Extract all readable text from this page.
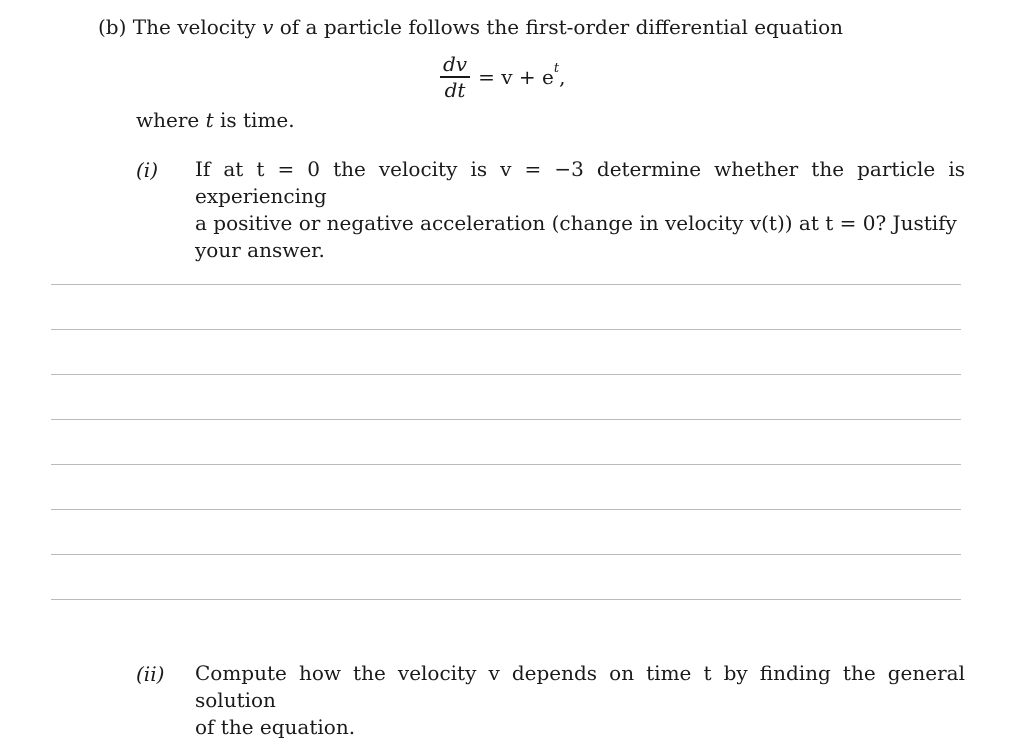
(b) The velocity v of a particle follows the first-order differential equation
$\frac{dv}{dt} = v + e^t$,
where t is time.
(i) If at t = 0 the velocity is v = −3 determine whether the particle is experiencing

a positive or negative acceleration (change in velocity v(t)) at t = 0? Justify

your answer.

(ii) Compute how the velocity v depends on time t by finding the general solution

of the equation.
